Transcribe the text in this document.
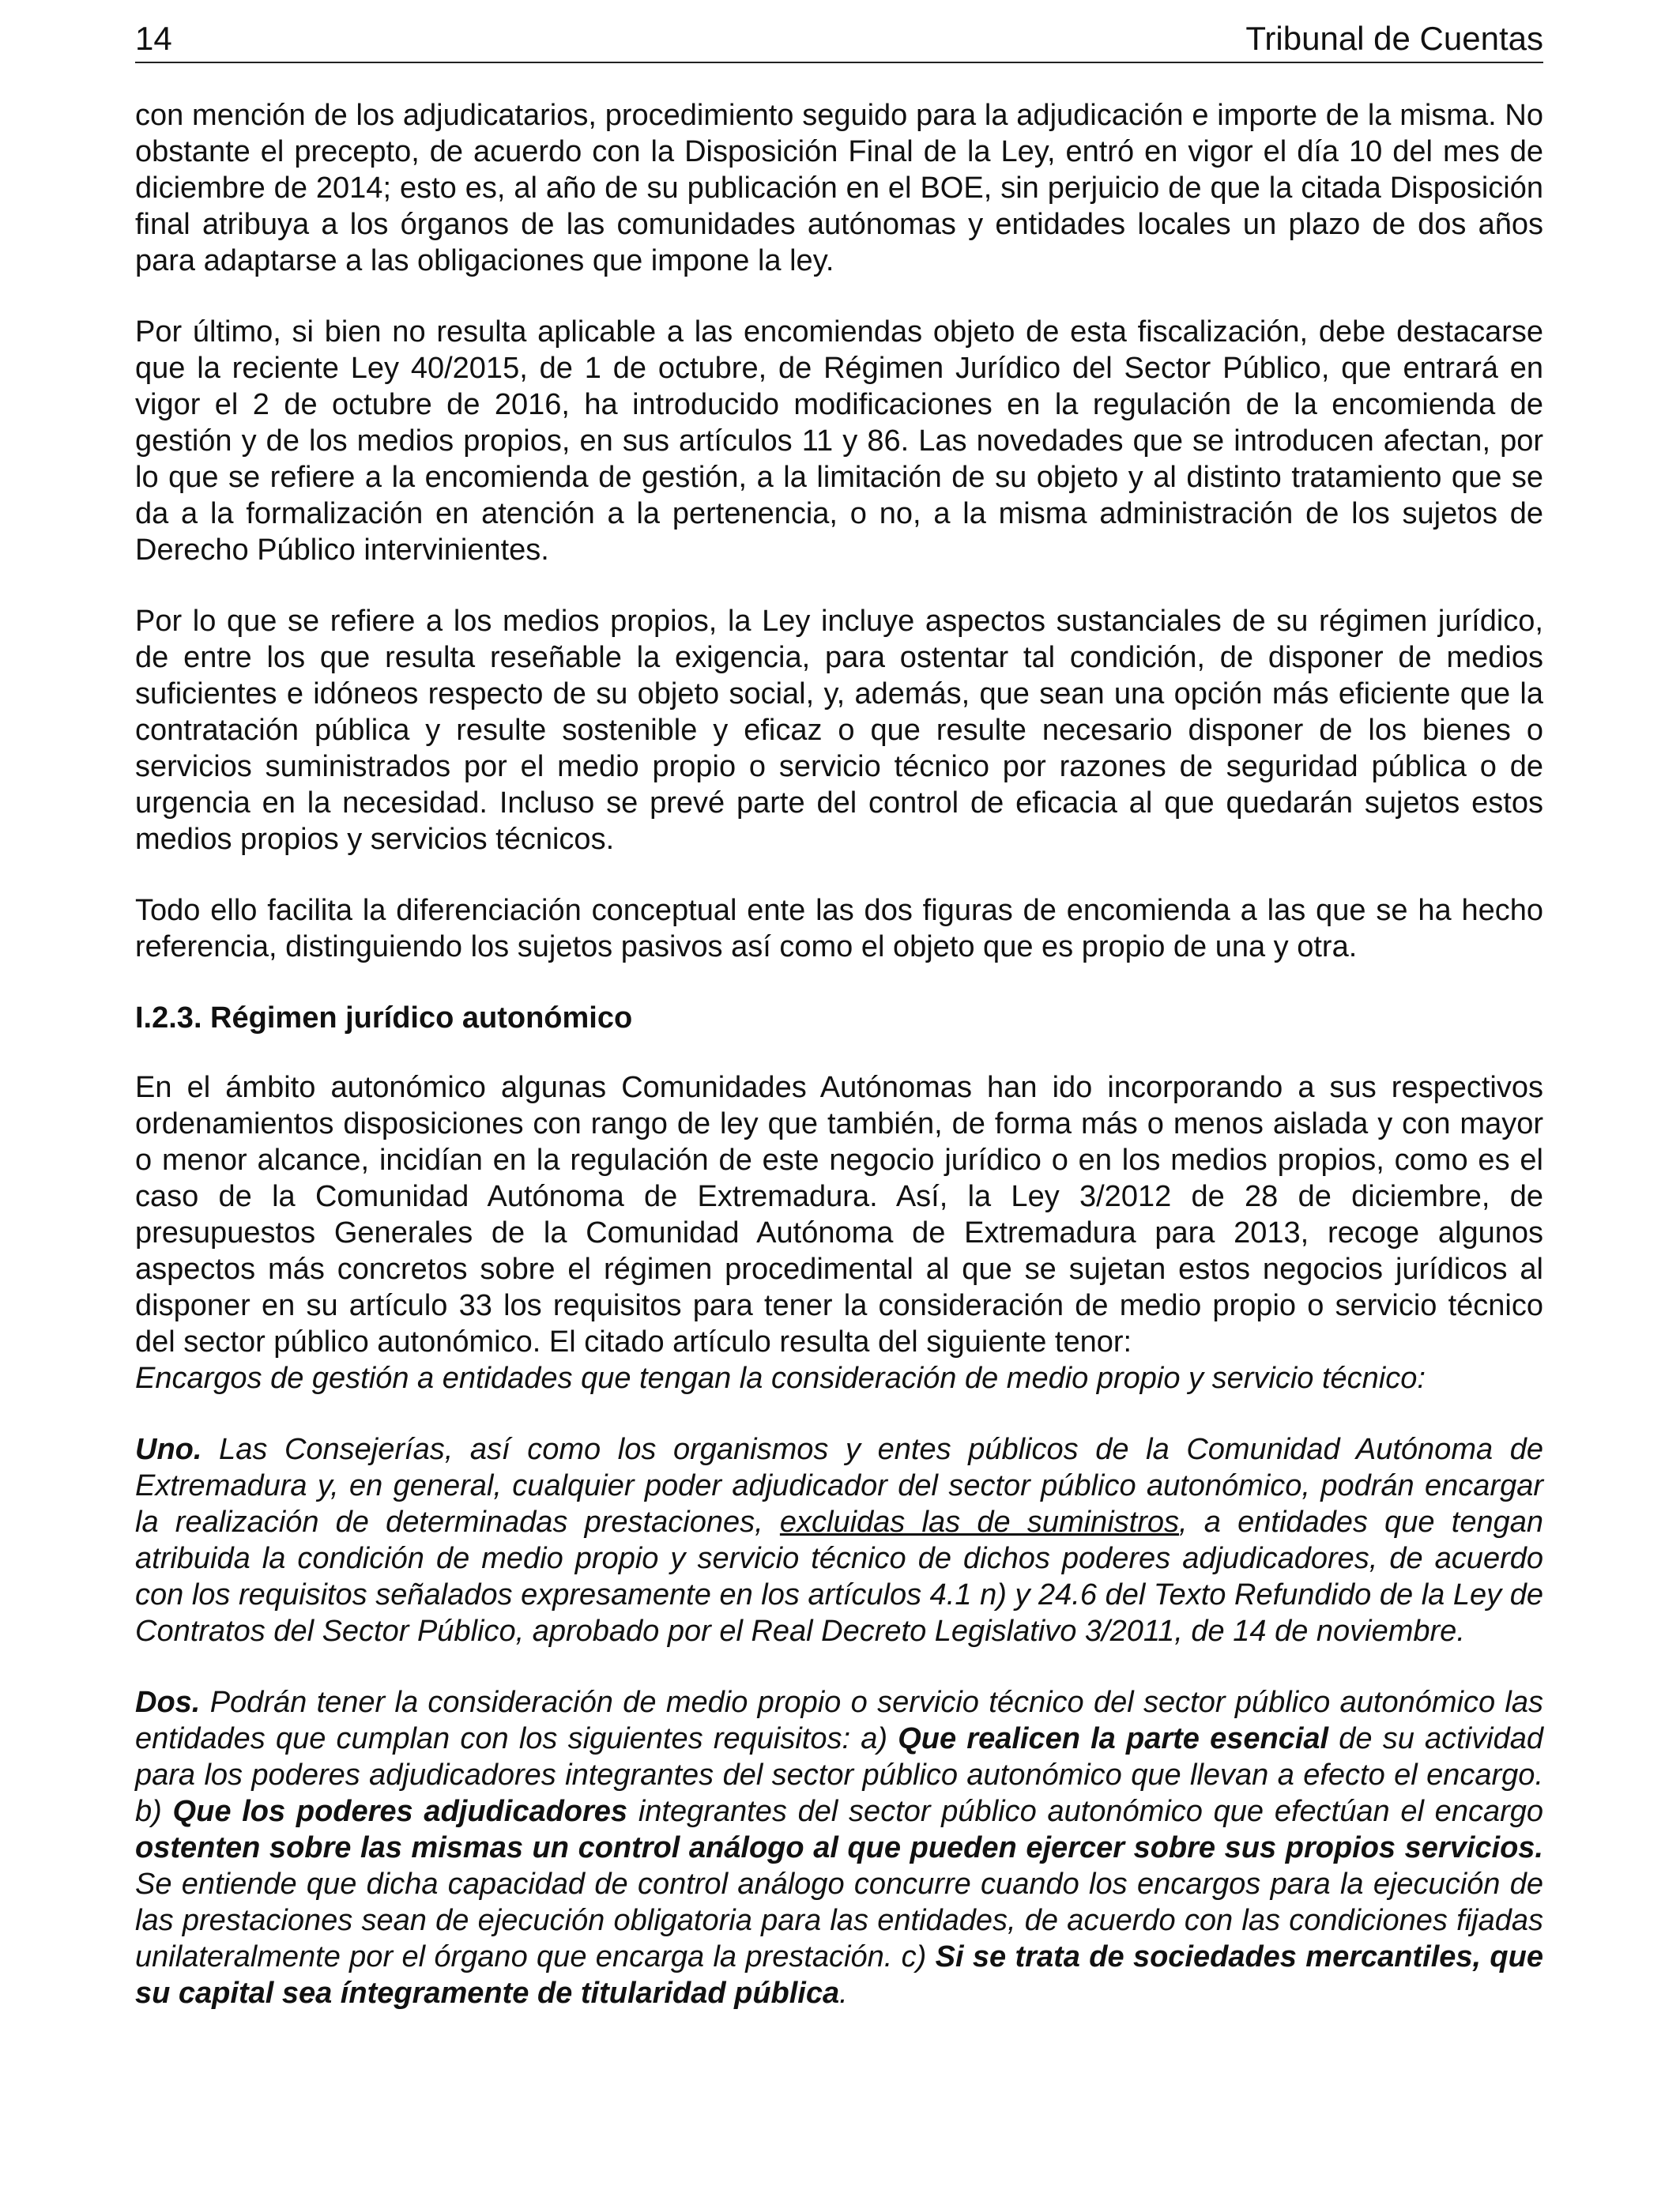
14	Tribunal de Cuentas

con mención de los adjudicatarios, procedimiento seguido para la adjudicación e importe de la misma. No obstante el precepto, de acuerdo con la Disposición Final de la Ley, entró en vigor el día 10 del mes de diciembre de 2014; esto es, al año de su publicación en el BOE, sin perjuicio de que la citada Disposición final atribuya a los órganos de las comunidades autónomas y entidades locales un plazo de dos años para adaptarse a las obligaciones que impone la ley.

Por último, si bien no resulta aplicable a las encomiendas objeto de esta fiscalización, debe destacarse que la reciente Ley 40/2015, de 1 de octubre, de Régimen Jurídico del Sector Público, que entrará en vigor el 2 de octubre de 2016, ha introducido modificaciones en la regulación de la encomienda de gestión y de los medios propios, en sus artículos 11 y 86. Las novedades que se introducen afectan, por lo que se refiere a la encomienda de gestión, a la limitación de su objeto y al distinto tratamiento que se da a la formalización en atención a la pertenencia, o no, a la misma administración de los sujetos de Derecho Público intervinientes.

Por lo que se refiere a los medios propios, la Ley incluye aspectos sustanciales de su régimen jurídico, de entre los que resulta reseñable la exigencia, para ostentar tal condición, de disponer de medios suficientes e idóneos respecto de su objeto social, y, además, que sean una opción más eficiente que la contratación pública y resulte sostenible y eficaz o que resulte necesario disponer de los bienes o servicios suministrados por el medio propio o servicio técnico por razones de seguridad pública o de urgencia en la necesidad. Incluso se prevé parte del control de eficacia al que quedarán sujetos estos medios propios y servicios técnicos.

Todo ello facilita la diferenciación conceptual ente las dos figuras de encomienda a las que se ha hecho referencia, distinguiendo los sujetos pasivos así como el objeto que es propio de una y otra.

I.2.3. Régimen jurídico autonómico

En el ámbito autonómico algunas Comunidades Autónomas han ido incorporando a sus respectivos ordenamientos disposiciones con rango de ley que también, de forma más o menos aislada y con mayor o menor alcance, incidían en la regulación de este negocio jurídico o en los medios propios, como es el caso de la Comunidad Autónoma de Extremadura. Así, la Ley 3/2012 de 28 de diciembre, de presupuestos Generales de la Comunidad Autónoma de Extremadura para 2013, recoge algunos aspectos más concretos sobre el régimen procedimental al que se sujetan estos negocios jurídicos al disponer en su artículo 33 los requisitos para tener la consideración de medio propio o servicio técnico del sector público autonómico. El citado artículo resulta del siguiente tenor:

Encargos de gestión a entidades que tengan la consideración de medio propio y servicio técnico:

Uno. Las Consejerías, así como los organismos y entes públicos de la Comunidad Autónoma de Extremadura y, en general, cualquier poder adjudicador del sector público autonómico, podrán encargar la realización de determinadas prestaciones, excluidas las de suministros, a entidades que tengan atribuida la condición de medio propio y servicio técnico de dichos poderes adjudicadores, de acuerdo con los requisitos señalados expresamente en los artículos 4.1 n) y 24.6 del Texto Refundido de la Ley de Contratos del Sector Público, aprobado por el Real Decreto Legislativo 3/2011, de 14 de noviembre.

Dos. Podrán tener la consideración de medio propio o servicio técnico del sector público autonómico las entidades que cumplan con los siguientes requisitos: a) Que realicen la parte esencial de su actividad para los poderes adjudicadores integrantes del sector público autonómico que llevan a efecto el encargo. b) Que los poderes adjudicadores integrantes del sector público autonómico que efectúan el encargo ostenten sobre las mismas un control análogo al que pueden ejercer sobre sus propios servicios. Se entiende que dicha capacidad de control análogo concurre cuando los encargos para la ejecución de las prestaciones sean de ejecución obligatoria para las entidades, de acuerdo con las condiciones fijadas unilateralmente por el órgano que encarga la prestación. c) Si se trata de sociedades mercantiles, que su capital sea íntegramente de titularidad pública.
